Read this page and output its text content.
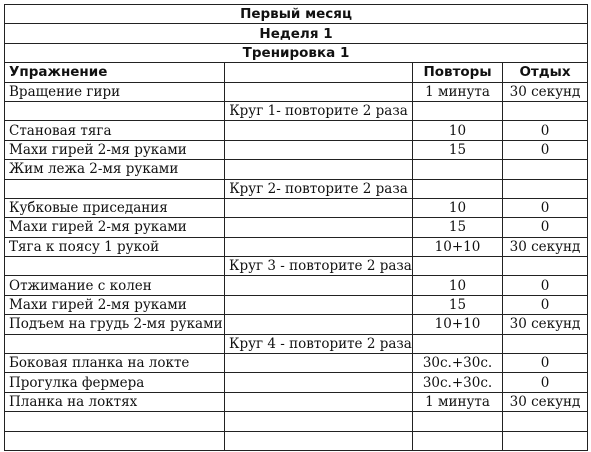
Первый месяц			
Неделя 1			
Тренировка 1			
Упражнение		Повторы	Отдых
Вращение гири		1 минута	30 секунд
	Круг 1- повторите 2 раза		
Становая тяга		10	0
Махи гирей 2-мя руками		15	0
Жим лежа 2-мя руками			
	Круг 2- повторите 2 раза		
Кубковые приседания		10	0
Махи гирей 2-мя руками		15	0
Тяга к поясу 1 рукой		10+10	30 секунд
	Круг 3 - повторите 2 раза		
Отжимание с колен		10	0
Махи гирей 2-мя руками		15	0
Подъем на грудь 2-мя руками		10+10	30 секунд
	Круг 4 - повторите 2 раза		
Боковая планка на локте		30с.+30с.	0
Прогулка фермера		30с.+30с.	0
Планка на локтях		1 минута	30 секунд
